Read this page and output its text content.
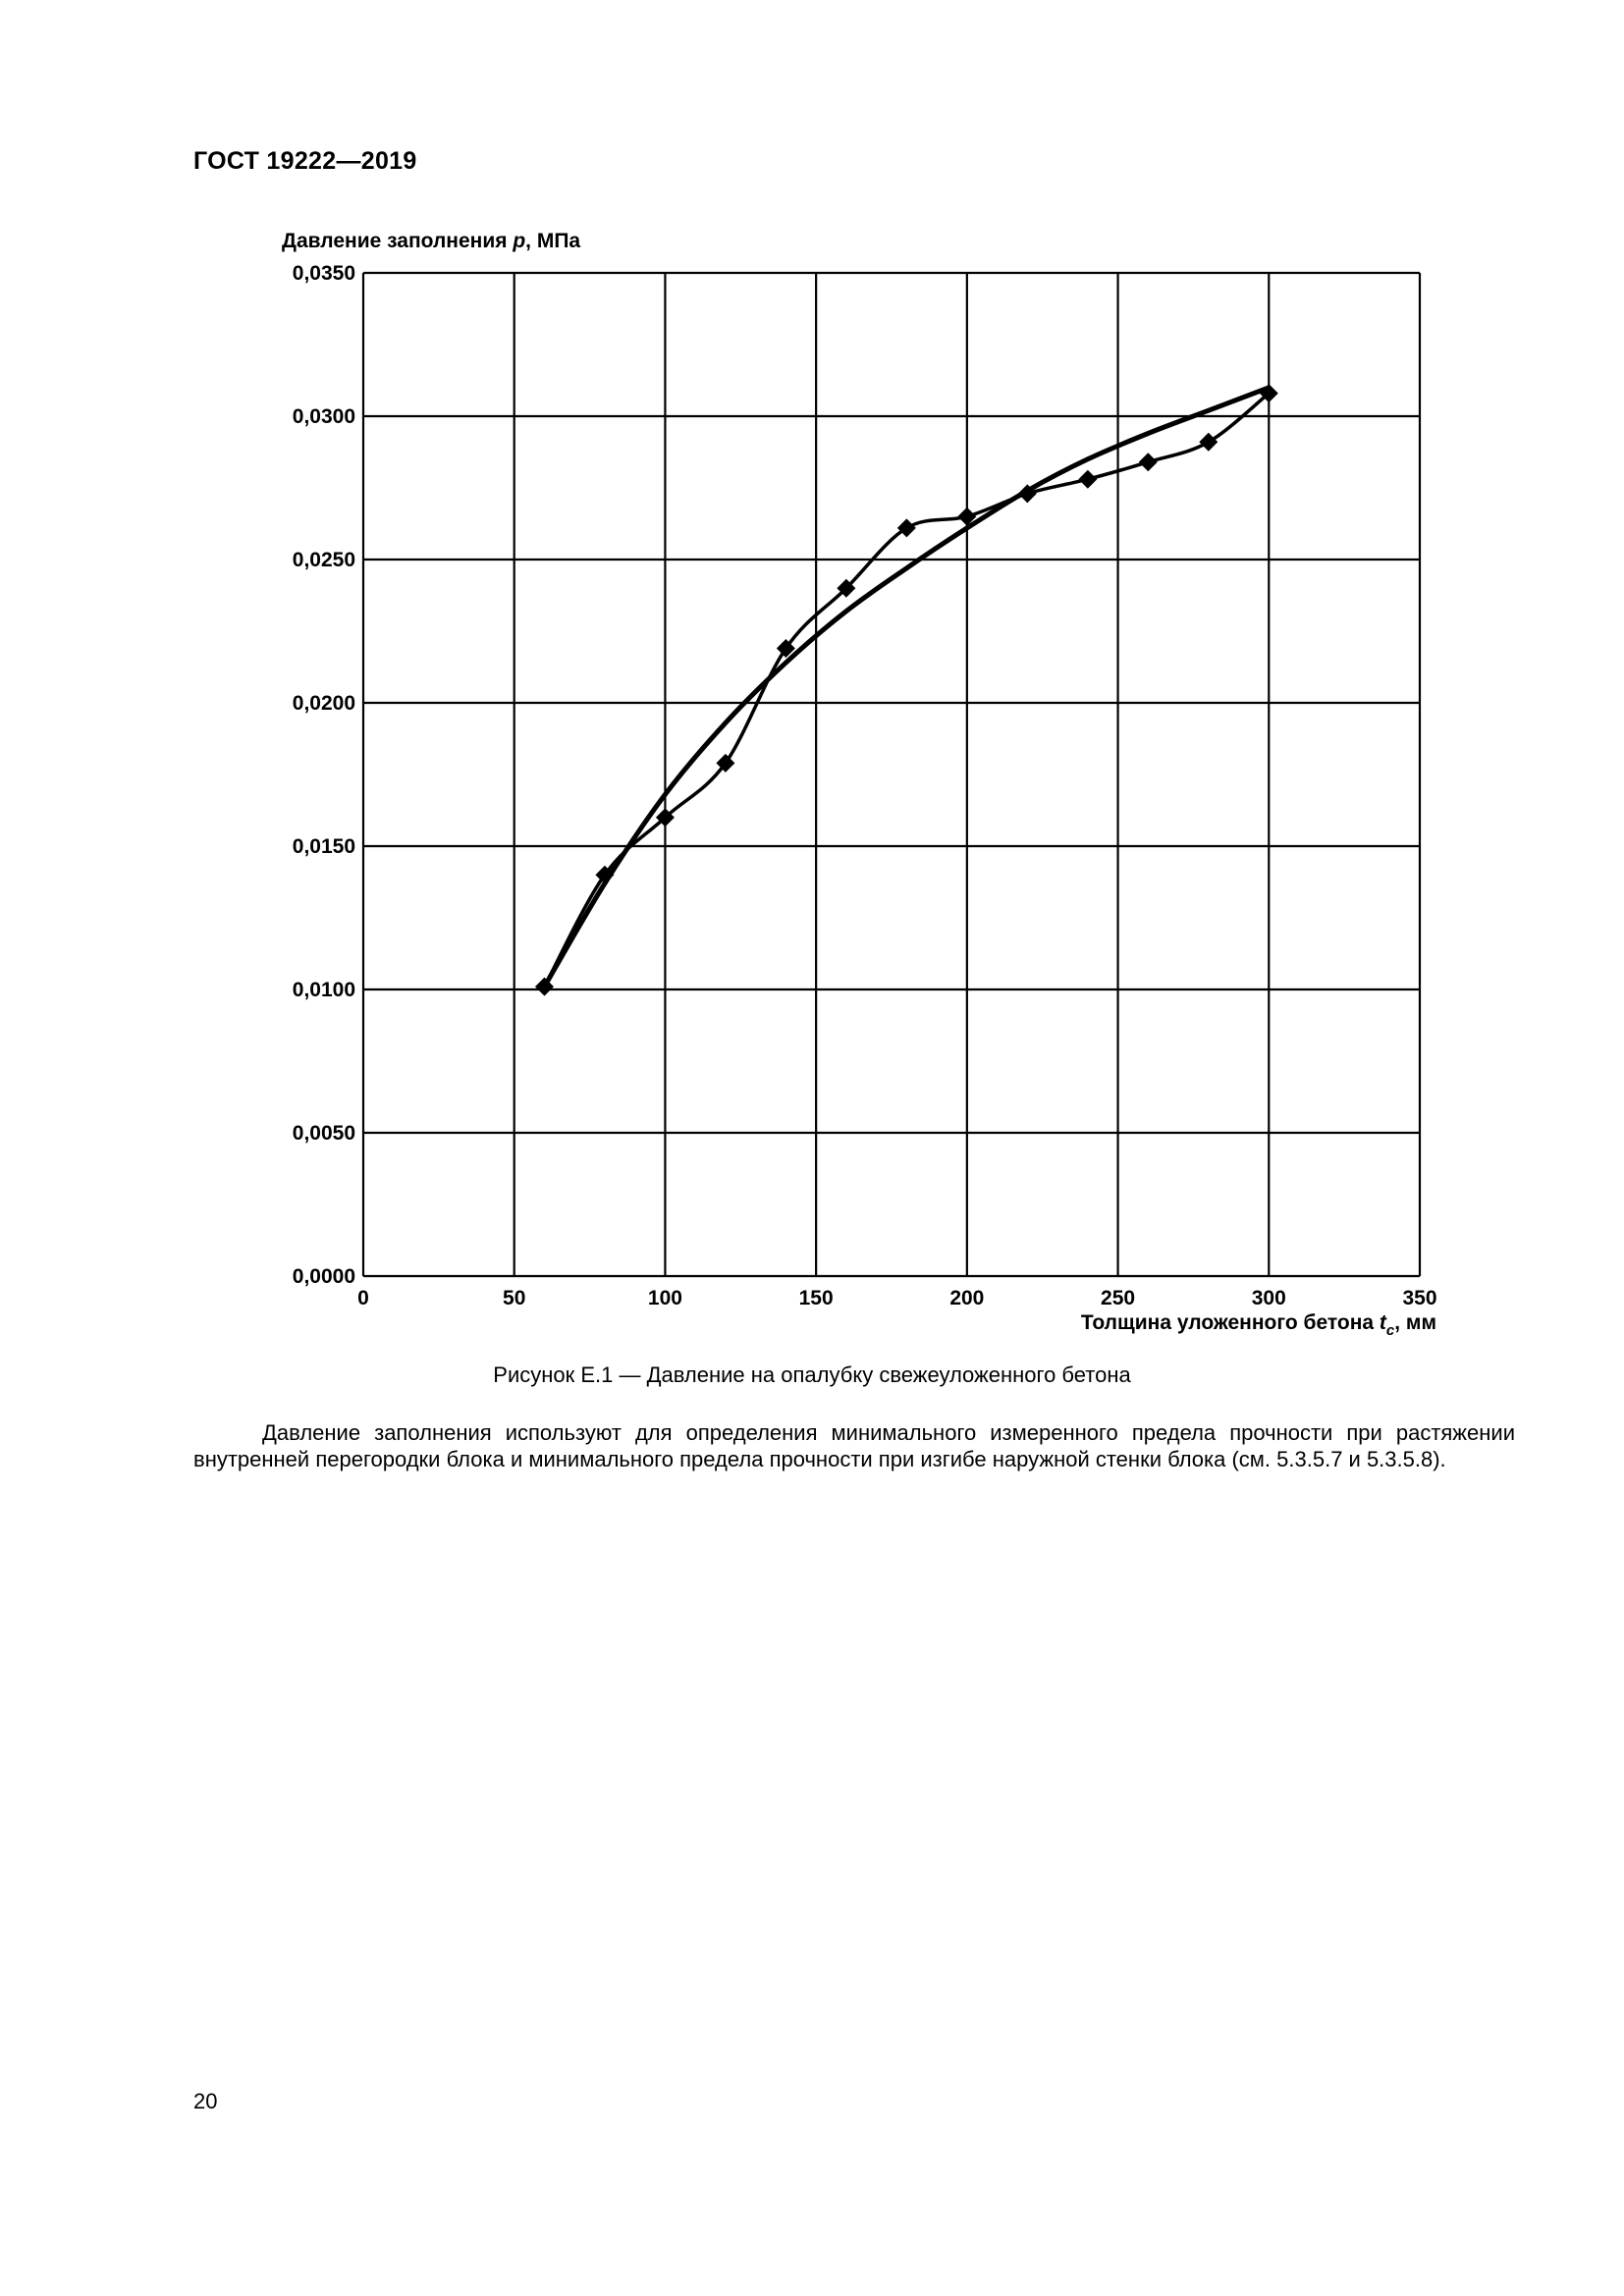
ГОСТ 19222—2019
0	50	100	150	200	250	300	350
0,0000
0,0050
0,0100
0,0150
0,0200
0,0250
0,0300
0,0350
Давление заполнения p, МПа
Толщина уложенного бетона $t_c$, мм
Рисунок Е.1 — Давление на опалубку свежеуложенного бетона

Давление заполнения используют для определения минимального измеренного предела прочности при растяжении внутренней перегородки блока и минимального предела прочности при изгибе наружной стенки блока (см. 5.3.5.7 и 5.3.5.8).

20
